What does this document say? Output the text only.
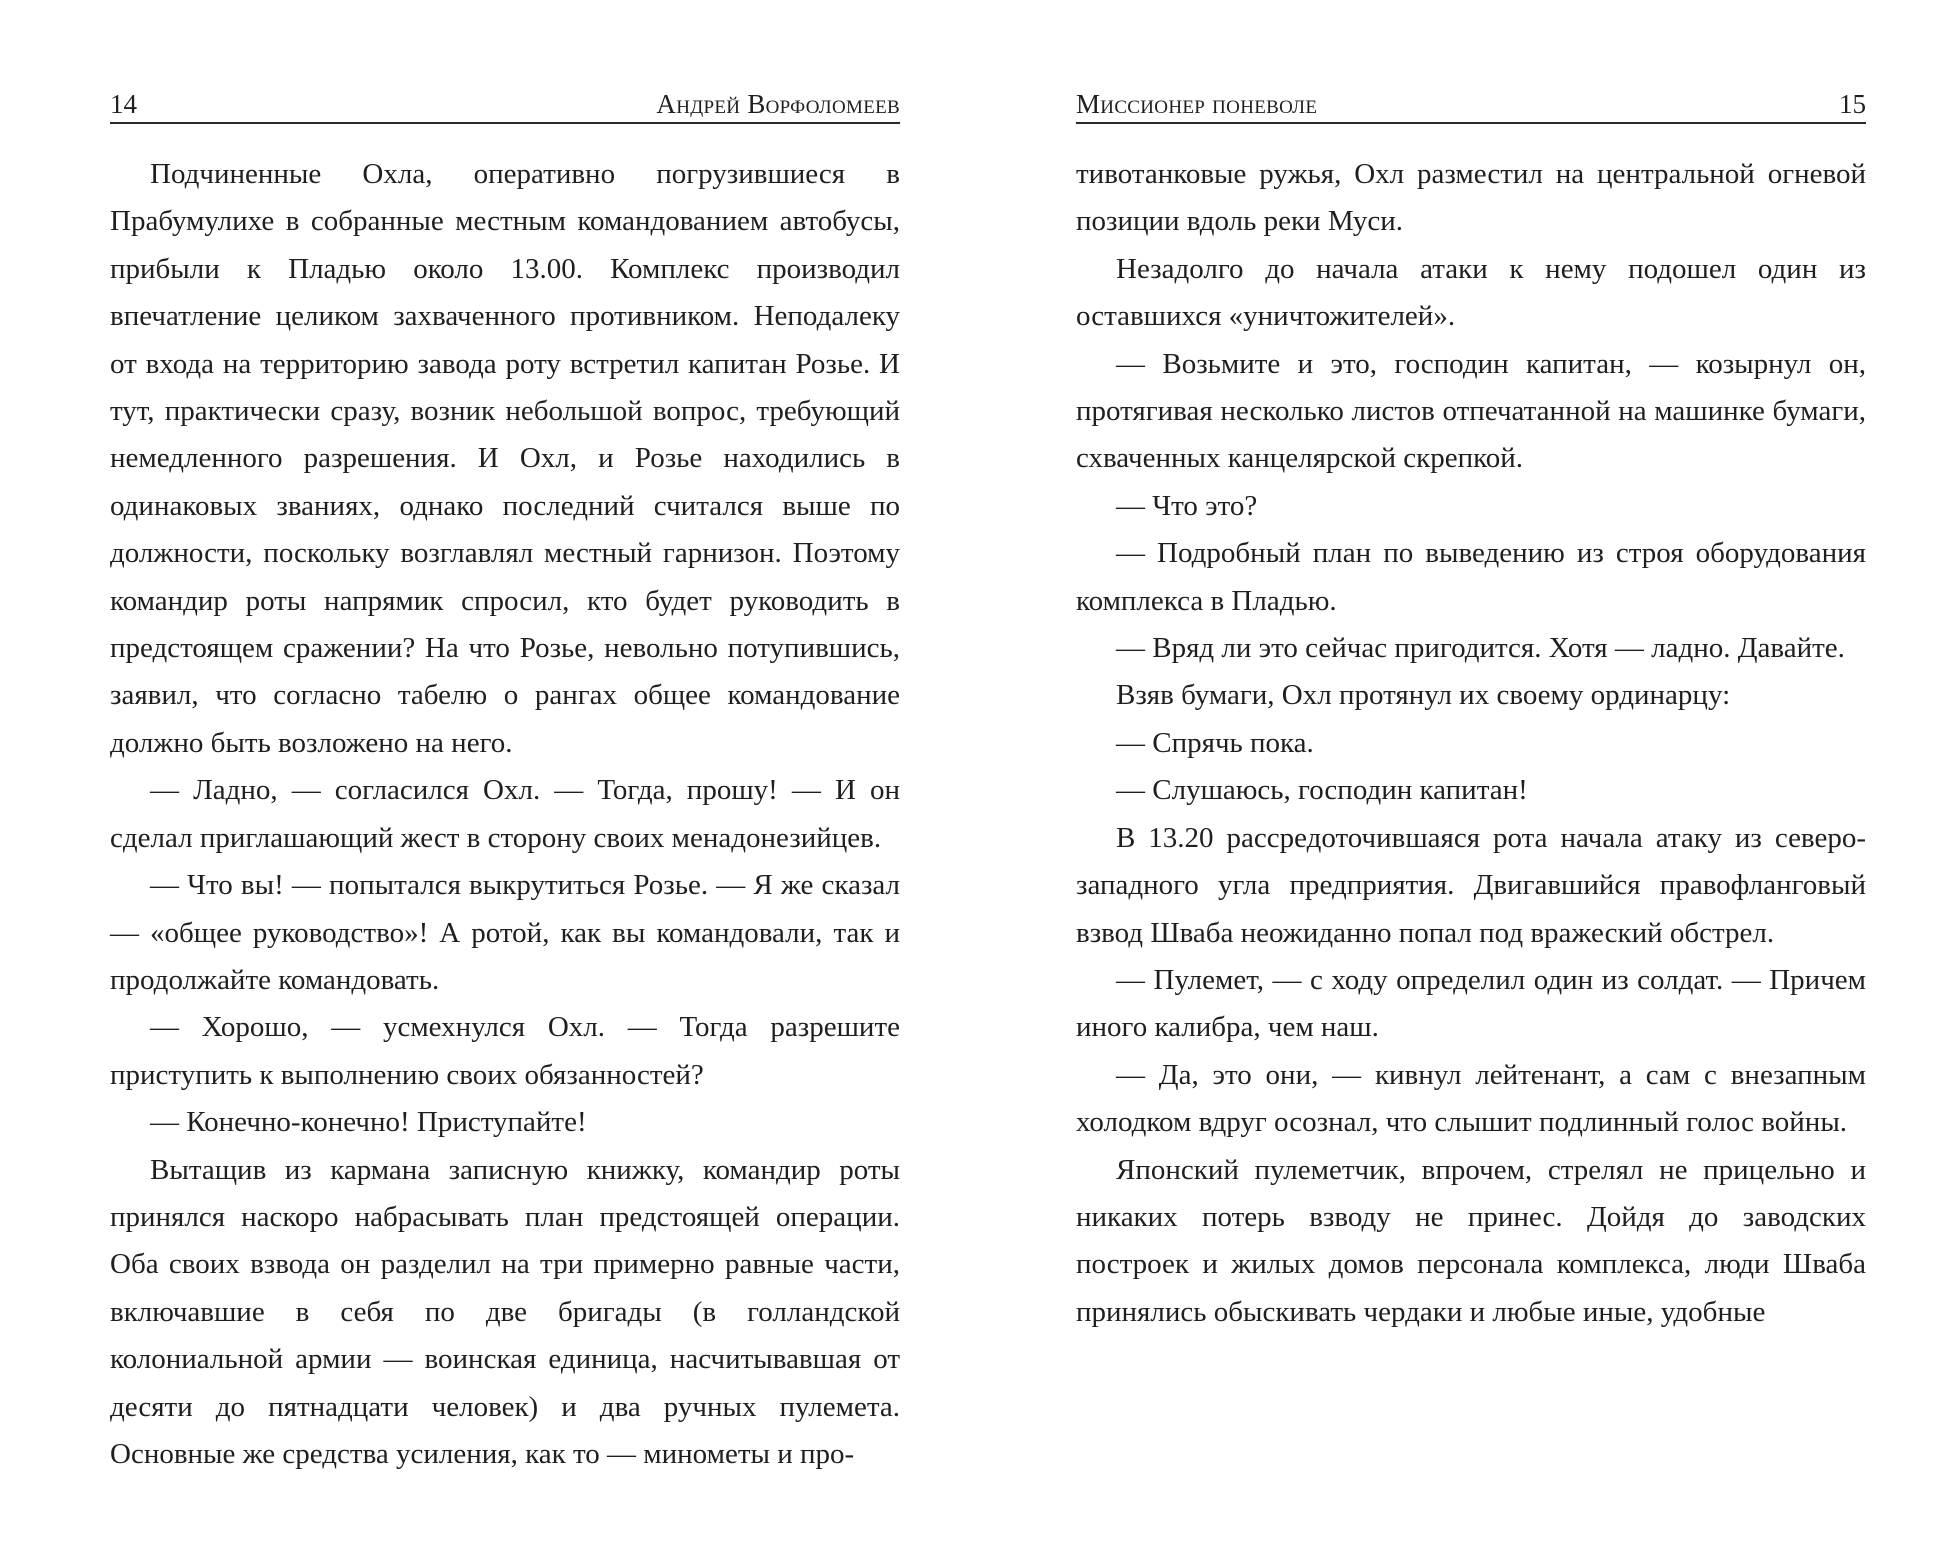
14	Андрей Ворфоломеев

Подчиненные Охла, оперативно погрузившиеся в Прабумулихе в собранные местным командованием автобусы, прибыли к Пладью около 13.00. Комплекс производил впечатление целиком захваченного противником. Неподалеку от входа на территорию завода роту встретил капитан Розье. И тут, практически сразу, возник небольшой вопрос, требующий немедленного разрешения. И Охл, и Розье находились в одинаковых званиях, однако последний считался выше по должности, поскольку возглавлял местный гарнизон. Поэтому командир роты напрямик спросил, кто будет руководить в предстоящем сражении? На что Розье, невольно потупившись, заявил, что согласно табелю о рангах общее командование должно быть возложено на него.

— Ладно, — согласился Охл. — Тогда, прошу! — И он сделал приглашающий жест в сторону своих менадонезийцев.

— Что вы! — попытался выкрутиться Розье. — Я же сказал — «общее руководство»! А ротой, как вы командовали, так и продолжайте командовать.

— Хорошо, — усмехнулся Охл. — Тогда разрешите приступить к выполнению своих обязанностей?

— Конечно-конечно! Приступайте!

Вытащив из кармана записную книжку, командир роты принялся наскоро набрасывать план предстоящей операции. Оба своих взвода он разделил на три примерно равные части, включавшие в себя по две бригады (в голландской колониальной армии — воинская единица, насчитывавшая от десяти до пятнадцати человек) и два ручных пулемета. Основные же средства усиления, как то — минометы и про-

Миссионер поневоле	15

тивотанковые ружья, Охл разместил на центральной огневой позиции вдоль реки Муси.

Незадолго до начала атаки к нему подошел один из оставшихся «уничтожителей».

— Возьмите и это, господин капитан, — козырнул он, протягивая несколько листов отпечатанной на машинке бумаги, схваченных канцелярской скрепкой.

— Что это?

— Подробный план по выведению из строя оборудования комплекса в Пладью.

— Вряд ли это сейчас пригодится. Хотя — ладно. Давайте.

Взяв бумаги, Охл протянул их своему ординарцу:

— Спрячь пока.

— Слушаюсь, господин капитан!

В 13.20 рассредоточившаяся рота начала атаку из северо-западного угла предприятия. Двигавшийся правофланговый взвод Шваба неожиданно попал под вражеский обстрел.

— Пулемет, — с ходу определил один из солдат. — Причем иного калибра, чем наш.

— Да, это они, — кивнул лейтенант, а сам с внезапным холодком вдруг осознал, что слышит подлинный голос войны.

Японский пулеметчик, впрочем, стрелял не прицельно и никаких потерь взводу не принес. Дойдя до заводских построек и жилых домов персонала комплекса, люди Шваба принялись обыскивать чердаки и любые иные, удобные
